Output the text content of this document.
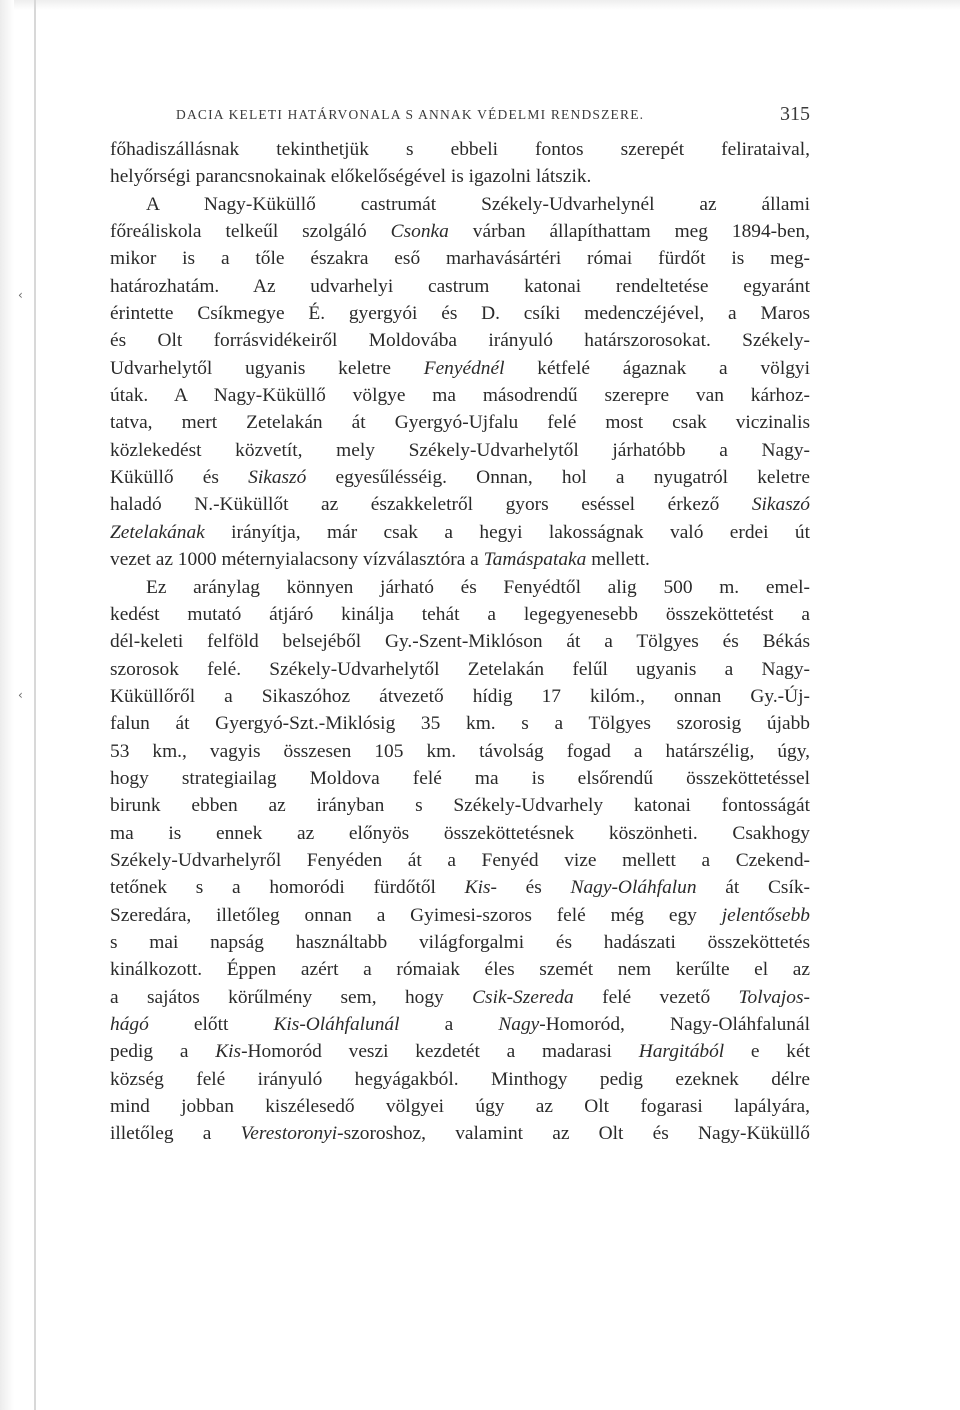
DACIA KELETI HATÁRVONALA S ANNAK VÉDELMI RENDSZERE.	315
főhadiszállásnak tekinthetjük s ebbeli fontos szerepét felirataival,
helyőrségi parancsnokainak előkelőségével is igazolni látszik.
A Nagy-Küküllő castrumát Székely-Udvarhelynél az állami
főreáliskola telkeűl szolgáló Csonka várban állapíthattam meg 1894-ben,
mikor is a tőle északra eső marhavásártéri római fürdőt is meg-
határozhatám. Az udvarhelyi castrum katonai rendeltetése egyaránt
érintette Csíkmegye É. gyergyói és D. csíki medenczéjével, a Maros
és Olt forrásvidékeiről Moldovába irányuló határszorosokat. Székely-
Udvarhelytől ugyanis keletre Fenyédnél kétfelé ágaznak a völgyi
útak. A Nagy-Küküllő völgye ma másodrendű szerepre van kárhoz-
tatva, mert Zetelakán át Gyergyó-Ujfalu felé most csak viczinalis
közlekedést közvetít, mely Székely-Udvarhelytől járhatóbb a Nagy-
Küküllő és Sikaszó egyesűlésséig. Onnan, hol a nyugatról keletre
haladó N.-Küküllőt az északkeletről gyors eséssel érkező Sikaszó
Zetelakának irányítja, már csak a hegyi lakosságnak való erdei út
vezet az 1000 méternyialacsony vízválasztóra a Tamáspataka mellett.
Ez aránylag könnyen járható és Fenyédtől alig 500 m. emel-
kedést mutató átjáró kinálja tehát a legegyenesebb összeköttetést a
dél-keleti felföld belsejéből Gy.-Szent-Miklóson át a Tölgyes és Békás
szorosok felé. Székely-Udvarhelytől Zetelakán felűl ugyanis a Nagy-
Küküllőről a Sikaszóhoz átvezető hídig 17 kilóm., onnan Gy.-Új-
falun át Gyergyó-Szt.-Miklósig 35 km. s a Tölgyes szorosig újabb
53 km., vagyis összesen 105 km. távolság fogad a határszélig, úgy,
hogy strategiailag Moldova felé ma is elsőrendű összeköttetéssel
birunk ebben az irányban s Székely-Udvarhely katonai fontosságát
ma is ennek az előnyös összeköttetésnek köszönheti. Csakhogy
Székely-Udvarhelyről Fenyéden át a Fenyéd vize mellett a Czekend-
tetőnek s a homoródi fürdőtől Kis- és Nagy-Oláhfalun át Csík-
Szeredára, illetőleg onnan a Gyimesi-szoros felé még egy jelentősebb
s mai napság használtabb világforgalmi és hadászati összeköttetés
kinálkozott. Éppen azért a rómaiak éles szemét nem kerűlte el az
a sajátos körűlmény sem, hogy Csik-Szereda felé vezető Tolvajos-
hágó előtt Kis-Oláhfalunál a Nagy-Homoród, Nagy-Oláhfalunál
pedig a Kis-Homoród veszi kezdetét a madarasi Hargitából e két
község felé irányuló hegyágakból. Minthogy pedig ezeknek délre
mind jobban kiszélesedő völgyei úgy az Olt fogarasi lapályára,
illetőleg a Verestoronyi-szoroshoz, valamint az Olt és Nagy-Küküllő
‹
‹
